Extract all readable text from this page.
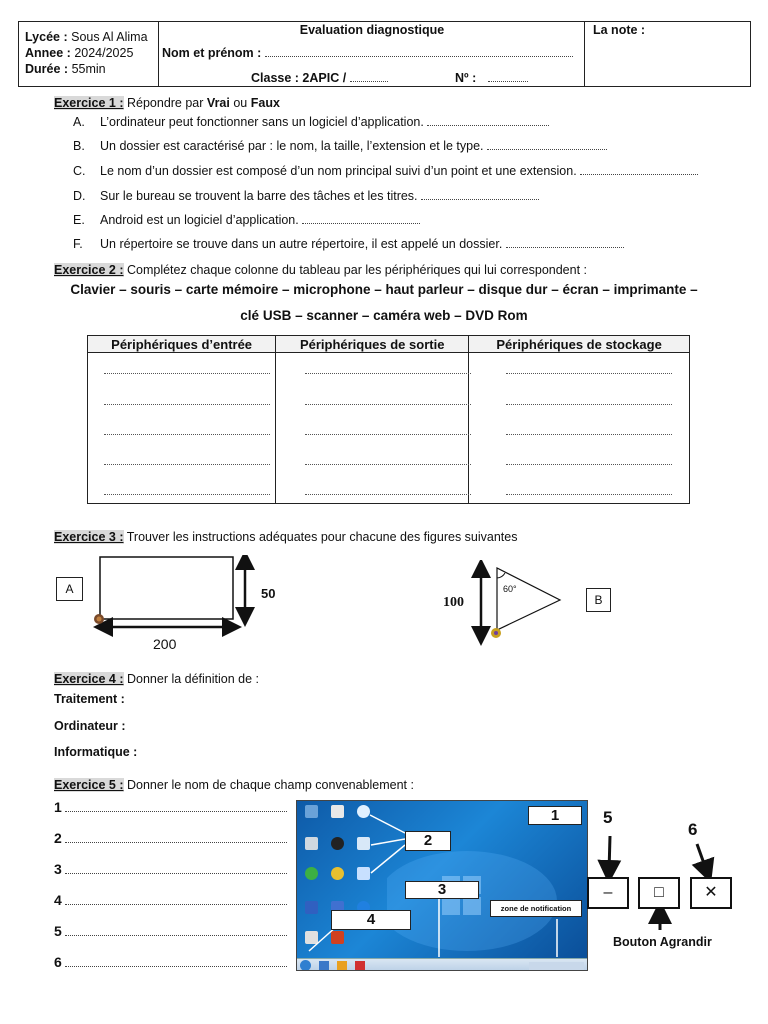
Lycée : Sous Al Alima
Annee : 2024/2025
Durée : 55min
Evaluation diagnostique
Nom et prénom :
Classe : 2APIC /	Nº :
La note :
Exercice 1 : Répondre par Vrai ou Faux
A. L’ordinateur peut fonctionner sans un logiciel d’application.
B. Un dossier est caractérisé par : le nom, la taille, l’extension et le type.
C. Le nom d’un dossier est composé d’un nom principal suivi d’un point et une extension.
D. Sur le bureau se trouvent la barre des tâches et les titres.
E. Android est un logiciel d’application.
F. Un répertoire se trouve dans un autre répertoire, il est appelé un dossier.
Exercice 2 : Complétez chaque colonne du tableau par les périphériques qui lui correspondent :
Clavier – souris – carte mémoire – microphone – haut parleur – disque dur – écran – imprimante –
clé USB – scanner – caméra web – DVD Rom
Périphériques d’entrée	Périphériques de sortie	Périphériques de stockage

Exercice 3 : Trouver les instructions adéquates pour chacune des figures suivantes
A	50
200
60°
100	B
Exercice 4 : Donner la définition de :
Traitement :
Ordinateur :
Informatique :
Exercice 5 : Donner le nom de chaque champ convenablement :
1
2
3
4
5
6
1
2
3
4
zone de notification
5
6
–	□	✕
Bouton Agrandir
